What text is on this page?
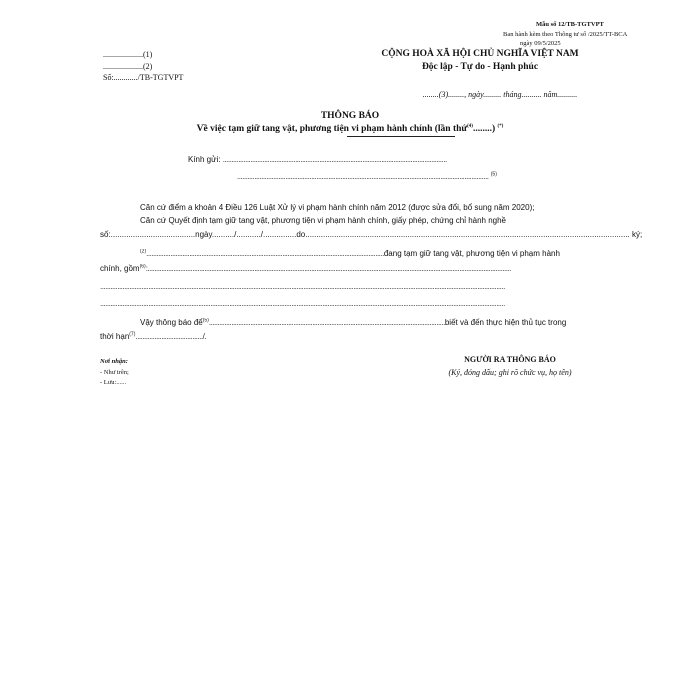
Mẫu số 12/TB-TGTVPT
Ban hành kèm theo Thông tư số /2025/TT-BCA
ngày 09/5/2025
....................(1)
....................(2)
Số:............/TB-TGTVPT
CỘNG HOÀ XÃ HỘI CHỦ NGHĨA VIỆT NAM
Độc lập - Tự do - Hạnh phúc
........(3)........, ngày......... tháng.......... năm..........
THÔNG BÁO
Về việc tạm giữ tang vật, phương tiện vi phạm hành chính (lần thứ$^{(4)}$........) (*)
Kính gửi: ..................................................................................................................................
.................................................................................................................................................. $^{(5)}$
Căn cứ điểm a khoản 4 Điều 126 Luật Xử lý vi phạm hành chính năm 2012 (được sửa đổi, bổ sung năm 2020);
Căn cứ Quyết định tạm giữ tang vật, phương tiện vi phạm hành chính, giấy phép, chứng chỉ hành nghề
số:......................................ngày........../.........../...............do.................................................................................................................................................. ký;
$^{(2)}$..........................................................................................................................................đang tạm giữ tang vật, phương tiện vi phạm hành
chính, gồm$^{(6)}$:...................................................................................................................................................................................................................
...........................................................................................................................................................................................................................................
...........................................................................................................................................................................................................................................
Vậy thông báo để$^{(5)}$.........................................................................................................................................biết và đến thực hiện thủ tục trong
thời hạn$^{(7)}$......................................./.
Nơi nhận:
- Như trên;
- Lưu:......
NGƯỜI RA THÔNG BÁO
(Ký, đóng dấu; ghi rõ chức vụ, họ tên)
